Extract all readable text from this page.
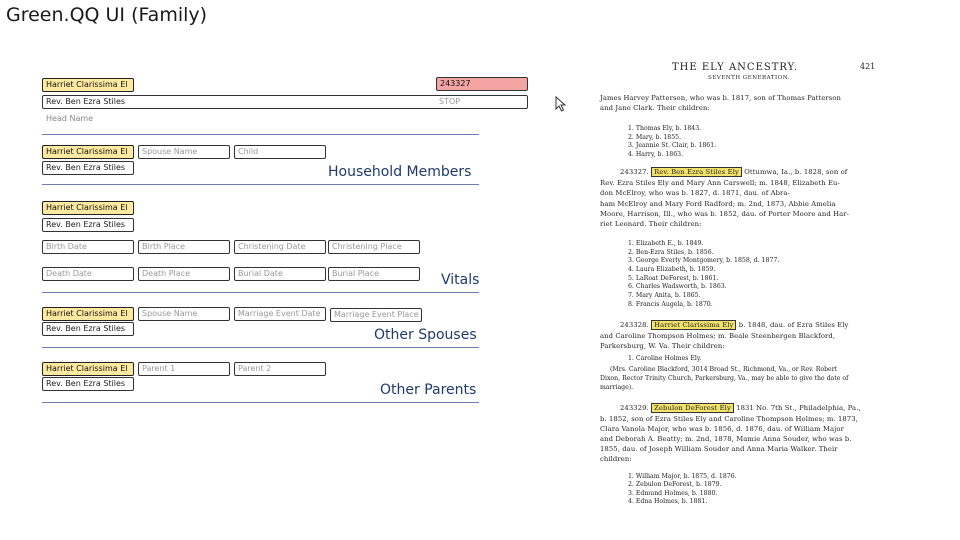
Green.QQ UI (Family)
Harriet Clarissima El	243327
Rev. Ben Ezra Stiles	STOP
Head Name
Harriet Clarissima El	Spouse Name	Child
Rev. Ben Ezra Stiles	Household Members
Harriet Clarissima El
Rev. Ben Ezra Stiles
Birth Date	Birth Place	Christening Date	Christening Place
Death Date	Death Place	Burial Date	Burial Place	Vitals
Harriet Clarissima El	Spouse Name	Marriage Event Date	Marriage Event Place
Rev. Ben Ezra Stiles	Other Spouses
Harriet Clarissima El	Parent 1	Parent 2
Rev. Ben Ezra Stiles	Other Parents
THE ELY ANCESTRY.	421
SEVENTH GENERATION.
James Harvey Patterson, who was b. 1817, son of Thomas Patterson
and Jane Clark. Their children:
1. Thomas Ely, b. 1843.
2. Mary, b. 1855.
3. Jeannie St. Clair, b. 1861.
4. Harry, b. 1863.
243327. Rev. Ben Ezra Stiles Ely Ottumwa, Ia., b. 1828, son of
Rev. Ezra Stiles Ely and Mary Ann Carswell; m. 1848, Elizabeth Eu-
don McElroy, who was b. 1827, d. 1871, dau. of Abra-
ham McElroy and Mary Ford Radford; m. 2nd, 1873, Abbie Amelia
Moore, Harrison, Ill., who was b. 1852, dau. of Porter Moore and Har-
riet Leonard. Their children:
1. Elizabeth E., b. 1849.
2. Ben-Ezra Stiles, b. 1856.
3. George Everly Montgomery, b. 1858, d. 1877.
4. Laura Elizabeth, b. 1859.
5. LaRoat DeForest, b. 1861.
6. Charles Wadsworth, b. 1863.
7. Mary Anita, b. 1865.
8. Francis Augela, b. 1870.
243328. Harriet Clarissima Ely b. 1848, dau. of Ezra Stiles Ely
and Caroline Thompson Holmes; m. Beale Steenbergen Blackford,
Parkersburg, W. Va. Their children:
1. Caroline Holmes Ely.
(Mrs. Caroline Blackford, 3014 Broad St., Richmond, Va., or Rev. Robert
Dixon, Rector Trinity Church, Parkersburg, Va., may be able to give the date of
marriage).
243329. Zebulon DeForest Ely 1831 No. 7th St., Philadelphia, Pa.,
b. 1852, son of Ezra Stiles Ely and Caroline Thompson Holmes; m. 1873,
Clara Vanola Major, who was b. 1856, d. 1876, dau. of William Major
and Deborah A. Beatty; m. 2nd, 1878, Mamie Anna Souder, who was b.
1855, dau. of Joseph William Souder and Anna Maria Walker. Their
children:
1. William Major, b. 1875, d. 1876.
2. Zebulon DeForest, b. 1879.
3. Edmund Holmes, b. 1880.
4. Edna Holmes, b. 1881.
